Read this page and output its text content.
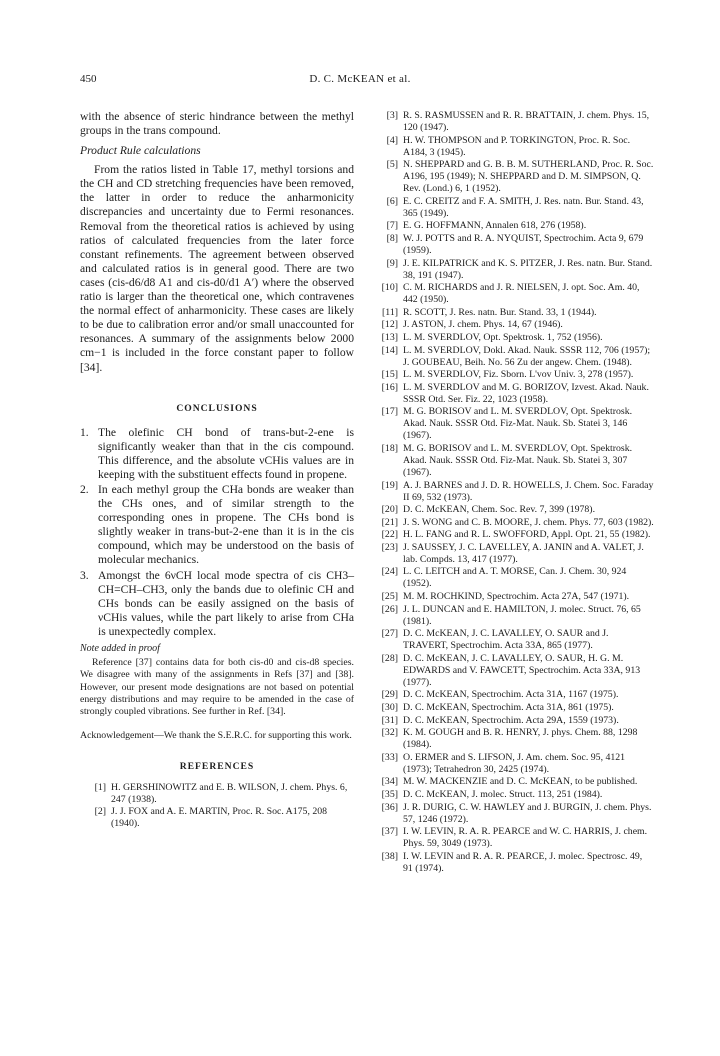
450	D. C. McKEAN et al.

with the absence of steric hindrance between the methyl groups in the trans compound.

Product Rule calculations

From the ratios listed in Table 17, methyl torsions and the CH and CD stretching frequencies have been removed, the latter in order to reduce the anharmonicity discrepancies and uncertainty due to Fermi resonances. Removal from the theoretical ratios is achieved by using ratios of calculated frequencies from the later force constant refinements. The agreement between observed and calculated ratios is in general good. There are two cases (cis-d6/d8 A1 and cis-d0/d1 A′) where the observed ratio is larger than the theoretical one, which contravenes the normal effect of anharmonicity. These cases are likely to be due to calibration error and/or small unaccounted for resonances. A summary of the assignments below 2000 cm−1 is included in the force constant paper to follow [34].

CONCLUSIONS
1. The olefinic CH bond of trans-but-2-ene is significantly weaker than that in the cis compound. This difference, and the absolute νCHis values are in keeping with the substituent effects found in propene.
2. In each methyl group the CHa bonds are weaker than the CHs ones, and of similar strength to the corresponding ones in propene. The CHs bond is slightly weaker in trans-but-2-ene than it is in the cis compound, which may be understood on the basis of molecular mechanics.
3. Amongst the 6νCH local mode spectra of cis CH3–CH=CH–CH3, only the bands due to olefinic CH and CHs bonds can be easily assigned on the basis of νCHis values, while the part likely to arise from CHa is unexpectedly complex.
Note added in proof

Reference [37] contains data for both cis-d0 and cis-d8 species. We disagree with many of the assignments in Refs [37] and [38]. However, our present mode designations are not based on potential energy distributions and may require to be amended in the case of strongly coupled vibrations. See further in Ref. [34].

Acknowledgement—We thank the S.E.R.C. for supporting this work.

REFERENCES
[1] H. GERSHINOWITZ and E. B. WILSON, J. chem. Phys. 6, 247 (1938).
[2] J. J. FOX and A. E. MARTIN, Proc. R. Soc. A175, 208 (1940).
[3] R. S. RASMUSSEN and R. R. BRATTAIN, J. chem. Phys. 15, 120 (1947).
[4] H. W. THOMPSON and P. TORKINGTON, Proc. R. Soc. A184, 3 (1945).
[5] N. SHEPPARD and G. B. B. M. SUTHERLAND, Proc. R. Soc. A196, 195 (1949); N. SHEPPARD and D. M. SIMPSON, Q. Rev. (Lond.) 6, 1 (1952).
[6] E. C. CREITZ and F. A. SMITH, J. Res. natn. Bur. Stand. 43, 365 (1949).
[7] E. G. HOFFMANN, Annalen 618, 276 (1958).
[8] W. J. POTTS and R. A. NYQUIST, Spectrochim. Acta 9, 679 (1959).
[9] J. E. KILPATRICK and K. S. PITZER, J. Res. natn. Bur. Stand. 38, 191 (1947).
[10] C. M. RICHARDS and J. R. NIELSEN, J. opt. Soc. Am. 40, 442 (1950).
[11] R. SCOTT, J. Res. natn. Bur. Stand. 33, 1 (1944).
[12] J. ASTON, J. chem. Phys. 14, 67 (1946).
[13] L. M. SVERDLOV, Opt. Spektrosk. 1, 752 (1956).
[14] L. M. SVERDLOV, Dokl. Akad. Nauk. SSSR 112, 706 (1957); J. GOUBEAU, Beih. No. 56 Zu der angew. Chem. (1948).
[15] L. M. SVERDLOV, Fiz. Sborn. L'vov Univ. 3, 278 (1957).
[16] L. M. SVERDLOV and M. G. BORIZOV, Izvest. Akad. Nauk. SSSR Otd. Ser. Fiz. 22, 1023 (1958).
[17] M. G. BORISOV and L. M. SVERDLOV, Opt. Spektrosk. Akad. Nauk. SSSR Otd. Fiz-Mat. Nauk. Sb. Statei 3, 146 (1967).
[18] M. G. BORISOV and L. M. SVERDLOV, Opt. Spektrosk. Akad. Nauk. SSSR Otd. Fiz-Mat. Nauk. Sb. Statei 3, 307 (1967).
[19] A. J. BARNES and J. D. R. HOWELLS, J. Chem. Soc. Faraday II 69, 532 (1973).
[20] D. C. McKEAN, Chem. Soc. Rev. 7, 399 (1978).
[21] J. S. WONG and C. B. MOORE, J. chem. Phys. 77, 603 (1982).
[22] H. L. FANG and R. L. SWOFFORD, Appl. Opt. 21, 55 (1982).
[23] J. SAUSSEY, J. C. LAVELLEY, A. JANIN and A. VALET, J. lab. Compds. 13, 417 (1977).
[24] L. C. LEITCH and A. T. MORSE, Can. J. Chem. 30, 924 (1952).
[25] M. M. ROCHKIND, Spectrochim. Acta 27A, 547 (1971).
[26] J. L. DUNCAN and E. HAMILTON, J. molec. Struct. 76, 65 (1981).
[27] D. C. McKEAN, J. C. LAVALLEY, O. SAUR and J. TRAVERT, Spectrochim. Acta 33A, 865 (1977).
[28] D. C. McKEAN, J. C. LAVALLEY, O. SAUR, H. G. M. EDWARDS and V. FAWCETT, Spectrochim. Acta 33A, 913 (1977).
[29] D. C. McKEAN, Spectrochim. Acta 31A, 1167 (1975).
[30] D. C. McKEAN, Spectrochim. Acta 31A, 861 (1975).
[31] D. C. McKEAN, Spectrochim. Acta 29A, 1559 (1973).
[32] K. M. GOUGH and B. R. HENRY, J. phys. Chem. 88, 1298 (1984).
[33] O. ERMER and S. LIFSON, J. Am. chem. Soc. 95, 4121 (1973); Tetrahedron 30, 2425 (1974).
[34] M. W. MACKENZIE and D. C. McKEAN, to be published.
[35] D. C. McKEAN, J. molec. Struct. 113, 251 (1984).
[36] J. R. DURIG, C. W. HAWLEY and J. BURGIN, J. chem. Phys. 57, 1246 (1972).
[37] I. W. LEVIN, R. A. R. PEARCE and W. C. HARRIS, J. chem. Phys. 59, 3049 (1973).
[38] I. W. LEVIN and R. A. R. PEARCE, J. molec. Spectrosc. 49, 91 (1974).
